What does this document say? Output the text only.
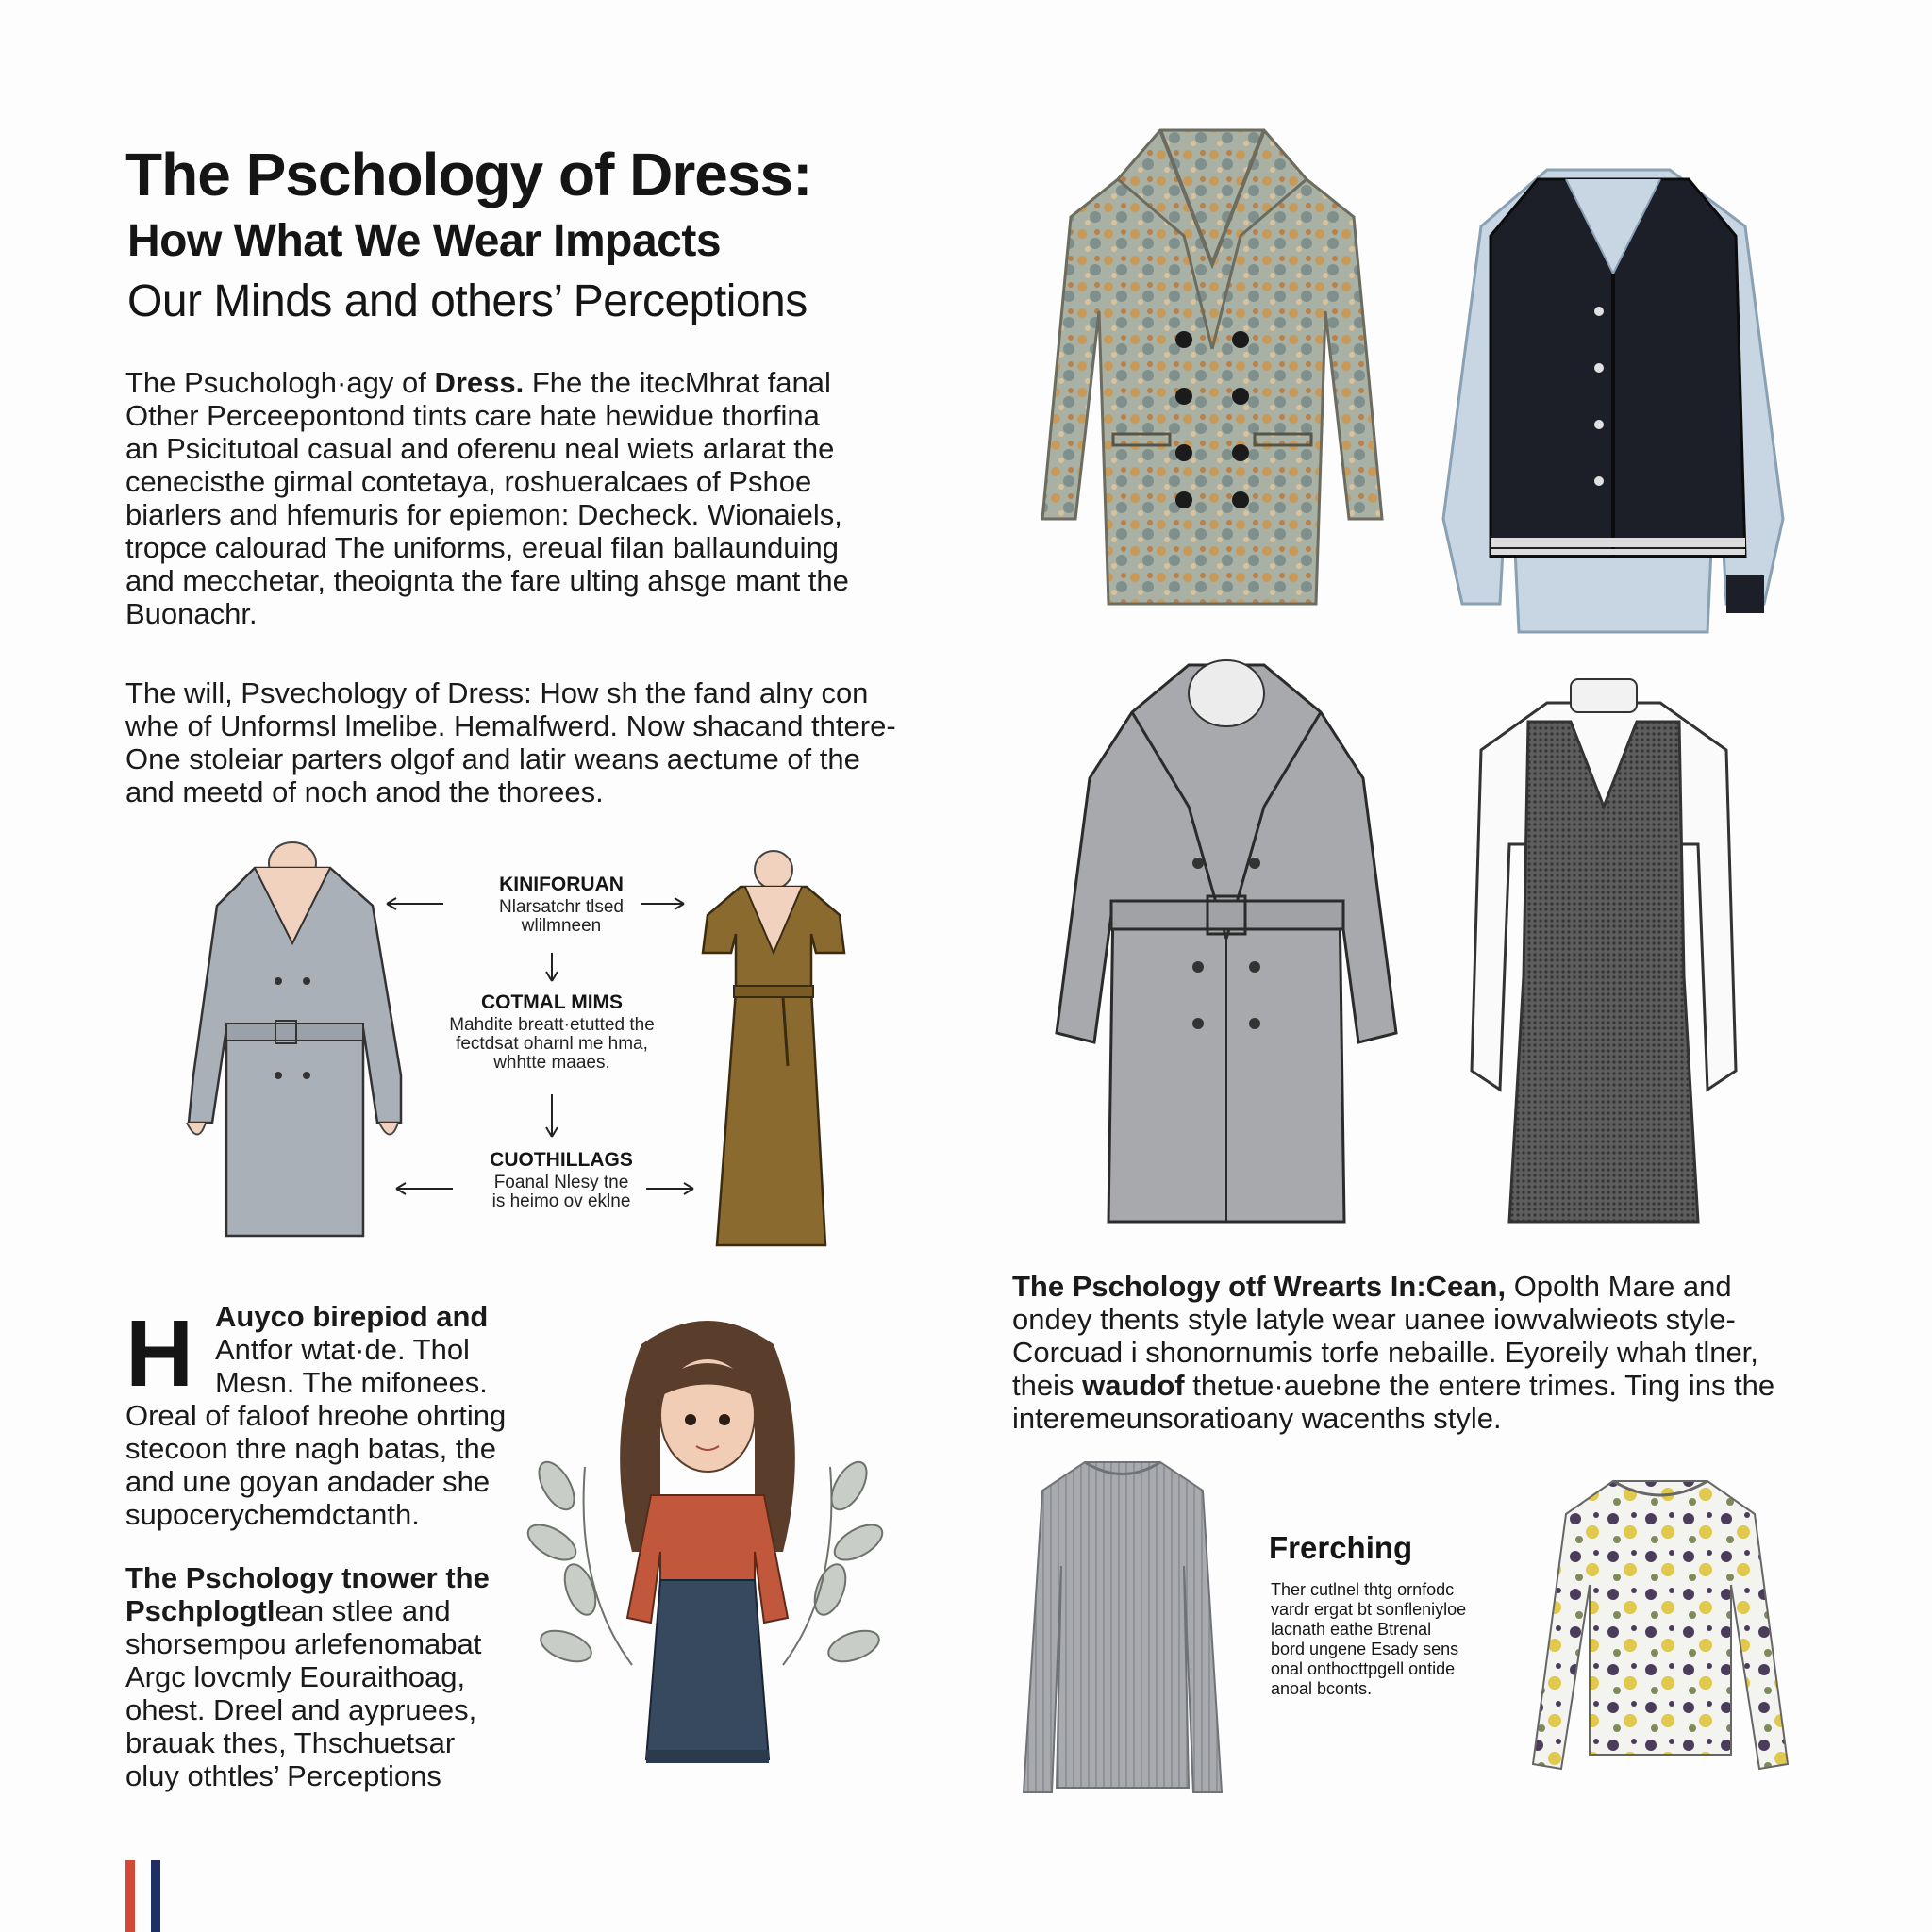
The Pschology of Dress:
How What We Wear Impacts
Our Minds and others’ Perceptions
The Psuchologh·agy of Dress. Fhe the itecMhrat fanal
Other Perceepontond tints care hate hewidue thorfina
an Psicitutoal casual and oferenu neal wiets arlarat the
cenecisthe girmal contetaya, roshueralcaes of Pshoe
biarlers and hfemuris for epiemon: Decheck. Wionaiels,
tropce calourad The uniforms, ereual filan ballaunduing
and mecchetar, theoignta the fare ulting ahsge mant the
Buonachr.
The will, Psvechology of Dress: How sh the fand alny con
whe of Unformsl lmelibe. Hemalfwerd. Now shacand thtere-
One stoleiar parters olgof and latir weans aectume of the
and meetd of noch anod the thorees.
KINIFORUAN
Nlarsatchr tlsed
wlilmneen
COTMAL MIMS
Mahdite breatt·etutted the
fectdsat oharnl me hma,
whhtte maaes.
CUOTHILLAGS
Foanal Nlesy tne
is heimo ov eklne
H Auyco birepiod and
Antfor wtat·de. Thol
Mesn. The mifonees.
Oreal of faloof hreohe ohrting
stecoon thre nagh batas, the
and une goyan andader she
supocerychemdctanth.
The Pschology tnower the
Pschplogtlean stlee and
shorsempou arlefenomabat
Argc lovcmly Eouraithoag,
ohest. Dreel and aypruees,
brauak thes, Thschuetsar
oluy othtles’ Perceptions
The Pschology otf Wrearts In:Cean, Opolth Mare and
ondey thents style latyle wear uanee iowvalwieots style-
Corcuad i shonornumis torfe nebaille. Eyoreily whah tlner,
theis waudof thetue·auebne the entere trimes. Ting ins the
interemeunsoratioany wacenths style.
Frerching
Ther cutlnel thtg ornfodc
vardr ergat bt sonfleniyloe
lacnath eathe Btrenal
bord ungene Esady sens
onal onthocttpgell ontide
anoal bconts.
